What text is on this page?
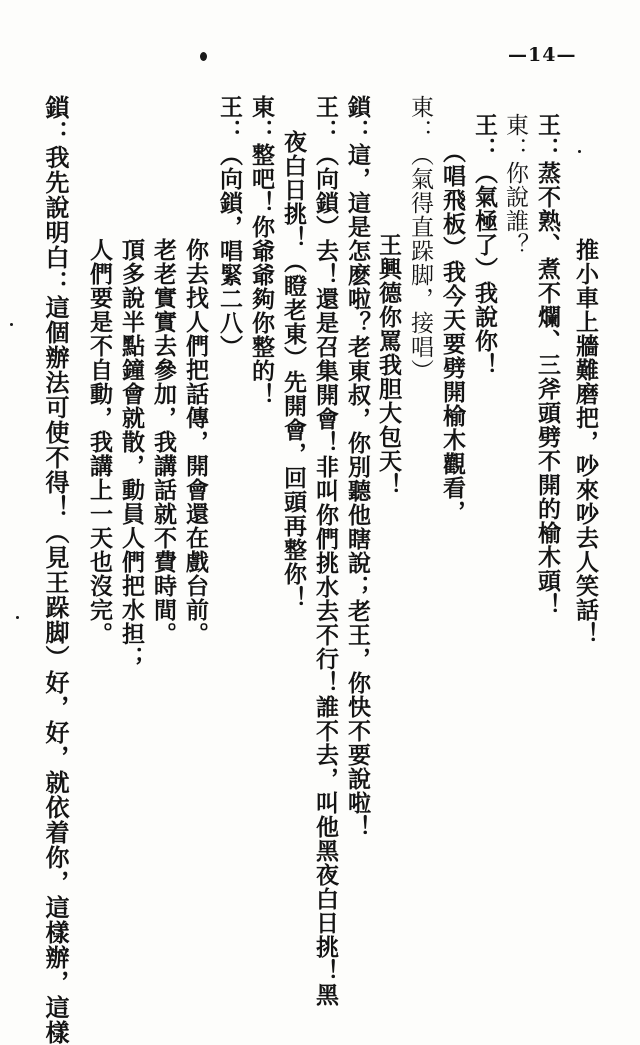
—14—
推小車上牆難磨把，吵來吵去人笑話！
王：蒸不熟、煮不爛、三斧頭劈不開的榆木頭！
東：你說誰？
王：（氣極了）我說你！
（唱飛板）我今天要劈開榆木觀看，
東：（氣得直跺脚，接唱）
王興德你罵我胆大包天！
鎖：這，這是怎麽啦？老東叔，你別聽他瞎說；老王，你快不要說啦！
王：（向鎖）去！還是召集開會！非叫你們挑水去不行！誰不去，叫他黑夜白日挑！黑
夜白日挑！（瞪老東）先開會，回頭再整你！
東：整吧！你爺爺夠你整的！
王：（向鎖，唱緊二八）
你去找人們把話傳，開會還在戲台前。
老老實實去參加，我講話就不費時間。
頂多說半點鐘會就散，動員人們把水担；
人們要是不自動，我講上一天也沒完。
鎖：我先說明白：這個辦法可使不得！（見王跺脚）好，好，就依着你，這樣辦，這樣
